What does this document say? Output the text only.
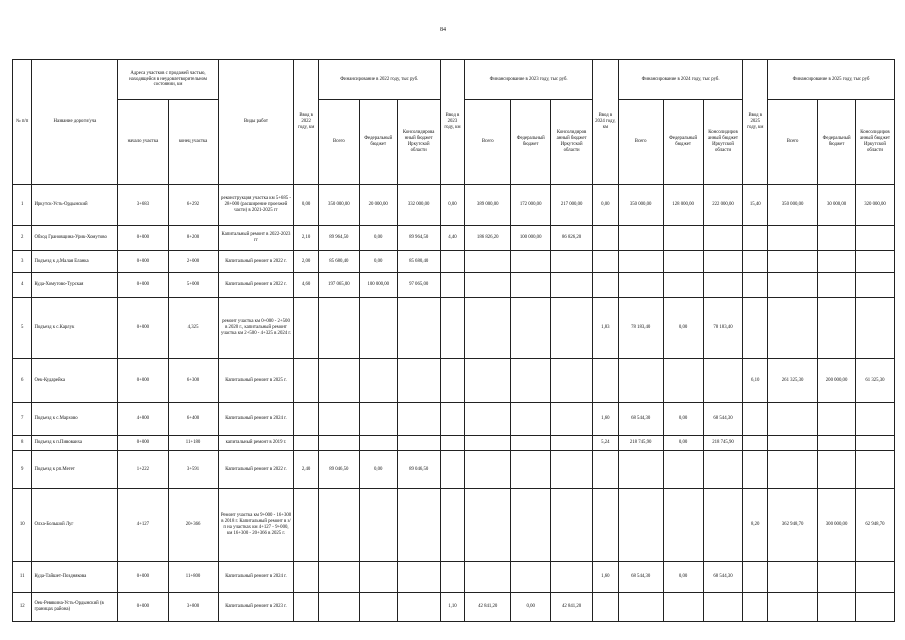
84
№ п/п	Название дороги/уча	Адреса участков с продажей частью, находящейся в неудовлетворительном состоянии, км		Виды работ	Ввод в 2022 году, км	Финансирование в 2022 году, тыс руб.			Ввод в 2023 году, км	Финансирование в 2023 году, тыс руб.			Ввод в 2024 году, км	Финансирование в 2024 году, тыс руб.			Ввод в 2025 году, км	Финансирование в 2025 году, тыс руб		
		начало участка	конец участка			Всего	Федеральный бюджет	Консолидирова нный бюджет Иркутской области		Всего	Федеральный бюджет	Консолидиров анный бюджет Иркутской области		Всего	Федеральный бюджет	Консолидиров анный бюджет Иркутской области		Всего	Федеральный бюджет	Консолидиров анный бюджет Иркутской области
1	Иркутск-Усть-Ордынский	3+683	6+292	реконструкция участка км 5+685 - 28+000 (расширение проезжей части) в 2021-2025 гг	0,00	350 000,00	20 000,00	332 000,00	0,00	389 000,00	172 000,00	217 000,00	0,00	350 000,00	128 000,00	222 000,00	15,40	350 000,00	30 000,00	320 000,00
2	Обход Грановщина-Урик-Хомутово	0+000	8+200	Капитальный ремонт в 2022-2023 гг	2,10	89 964,50	0,00	89 964,50	4,40	186 826,20	100 000,00	86 826,20								
3	Подъезд к д.Малая Еланка	0+000	2+000	Капитальный ремонт в 2022 г.	2,00	85 680,40	0,00	85 680,40												
4	Куда-Хомутово-Турская	0+000	5+000	Капитальный ремонт в 2022 г.	4,60	197 065,00	100 000,00	97 065,00												
5	Подъезд к с.Карлук	0+000	4,325	ремонт участка км 0+000 - 2+500 в 2020 г., капитальный ремонт участка км 2+500 - 4+325 в 2024 г.									1,83	78 183,40	0,00	78 183,40				
6	Оек-Кударейка	0+000	6+300	Капитальный ремонт в 2025 г.													6,10	261 325,30	200 000,00	61 325,30
7	Подъезд к с.Мархово	4+800	6+400	Капитальный ремонт в 2024 г.									1,60	68 544,30	0,00	68 544,30				
8	Подъезд к п.Пивоваиха	0+000	11+180	капитальный ремонт в 2019 г.									5,24	218 745,90	0,00	218 745,90				
9	Подъезд к рп.Мегет	1+222	3+591	Капитальный ремонт в 2022 г.	2,40	89 046,50	0,00	89 046,50												
10	Олха-Большой Луг	4+127	20+366	Ремонт участка км 9+000 - 16+300 в 2018 г. Капитальный ремонт в з/п на участках км 4+127 - 9+000, км 16+300 - 20+366 в 2025 г.													8,20	362 948,70	300 000,00	62 948,70
11	Куда-Тайшет-Позднякова	0+000	11+800	Капитальный ремонт в 2024 г.									1,60	68 544,30	0,00	68 544,30				
12	Оек-Ревякина-Усть-Ордынский (в границах района)	0+000	3+800	Капитальный ремонт в 2023 г.					1,10	42 841,20	0,00	42 841,20								
